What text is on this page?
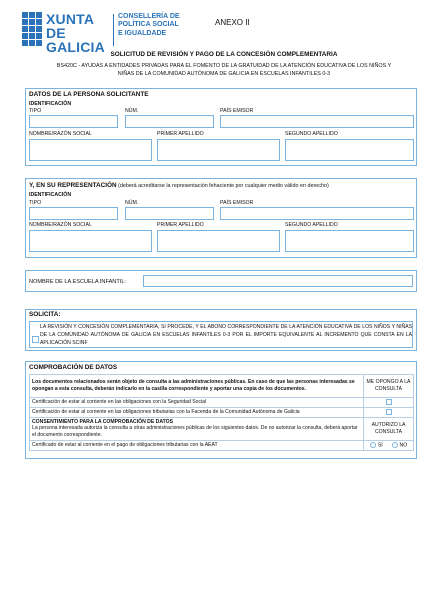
XUNTA
DE GALICIA
CONSELLERÍA DE
POLÍTICA SOCIAL
E IGUALDADE
ANEXO II
SOLICITUD DE REVISIÓN Y PAGO DE LA CONCESIÓN COMPLEMENTARIA
BS420C - AYUDAS A ENTIDADES PRIVADAS PARA EL FOMENTO DE LA GRATUIDAD DE LA ATENCIÓN EDUCATIVA DE LOS NIÑOS Y
NIÑAS DE LA COMUNIDAD AUTÓNOMA DE GALICIA EN ESCUELAS INFANTILES 0-3
DATOS DE LA PERSONA SOLICITANTE
IDENTIFICACIÓN
TIPO	NÚM.	PAÍS EMISOR
NOMBRE/RAZÓN SOCIAL	PRIMER APELLIDO	SEGUNDO APELLIDO
Y, EN SU REPRESENTACIÓN (deberá acreditarse la representación fehaciente por cualquier medio válido en derecho)
IDENTIFICACIÓN
TIPO	NÚM.	PAÍS EMISOR
NOMBRE/RAZÓN SOCIAL	PRIMER APELLIDO	SEGUNDO APELLIDO
NOMBRE DE LA ESCUELA INFANTIL:
SOLICITA:
LA REVISIÓN Y CONCESIÓN COMPLEMENTARIA, SI PROCEDE, Y EL ABONO CORRESPONDIENTE DE LA ATENCIÓN EDUCATIVA DE LOS NIÑOS Y NIÑAS DE LA COMUNIDAD AUTÓNOMA DE GALICIA EN ESCUELAS INFANTILES 0-3 POR EL IMPORTE EQUIVALENTE AL INCREMENTO QUE CONSTA EN LA APLICACIÓN SCINF
COMPROBACIÓN DE DATOS
Los documentos relacionados serán objeto de consulta a las administraciones públicas. En caso de que las personas interesadas se opongan a esta consulta, deberán indicarlo en la casilla correspondiente y aportar una copia de los documentos.	ME OPONGO A LA CONSULTA
Certificación de estar al corriente en las obligaciones con la Seguridad Social	
Certificación de estar al corriente en las obligaciones tributarias con la Facenda de la Comunidad Autónoma de Galicia	

CONSENTIMIENTO PARA LA COMPROBACIÓN DE DATOS
La persona interesada autoriza la consulta a otras administraciones públicas de los siguientes datos. De no autorizar la consulta, deberá aportar el documento correspondiente.	AUTORIZO LA CONSULTA
Certificado de estar al corriente en el pago de obligaciones tributarias con la AEAT	SÍ NO
